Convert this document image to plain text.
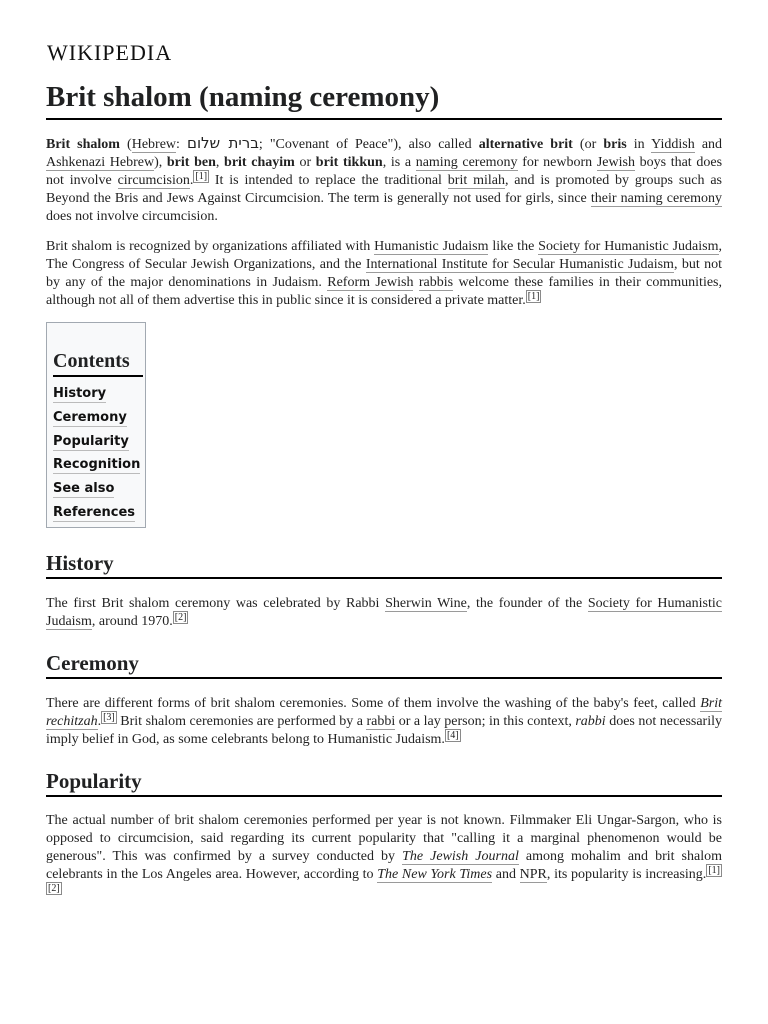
WIKIPEDIA
Brit shalom (naming ceremony)

Brit shalom (Hebrew: ברית שלום; "Covenant of Peace"), also called alternative brit (or bris in Yiddish and Ashkenazi Hebrew), brit ben, brit chayim or brit tikkun, is a naming ceremony for newborn Jewish boys that does not involve circumcision. [1] It is intended to replace the traditional brit milah, and is promoted by groups such as Beyond the Bris and Jews Against Circumcision. The term is generally not used for girls, since their naming ceremony does not involve circumcision.

Brit shalom is recognized by organizations affiliated with Humanistic Judaism like the Society for Humanistic Judaism, The Congress of Secular Jewish Organizations, and the International Institute for Secular Humanistic Judaism, but not by any of the major denominations in Judaism. Reform Jewish rabbis welcome these families in their communities, although not all of them advertise this in public since it is considered a private matter. [1]

Contents
History
Ceremony
Popularity
Recognition
See also
References
History

The first Brit shalom ceremony was celebrated by Rabbi Sherwin Wine, the founder of the Society for Humanistic Judaism, around 1970. [2]

Ceremony

There are different forms of brit shalom ceremonies. Some of them involve the washing of the baby's feet, called Brit rechitzah. [3] Brit shalom ceremonies are performed by a rabbi or a lay person; in this context, rabbi does not necessarily imply belief in God, as some celebrants belong to Humanistic Judaism. [4]

Popularity

The actual number of brit shalom ceremonies performed per year is not known. Filmmaker Eli Ungar-Sargon, who is opposed to circumcision, said regarding its current popularity that "calling it a marginal phenomenon would be generous". This was confirmed by a survey conducted by The Jewish Journal among mohalim and brit shalom celebrants in the Los Angeles area. However, according to The New York Times and NPR, its popularity is increasing. [1][2]
